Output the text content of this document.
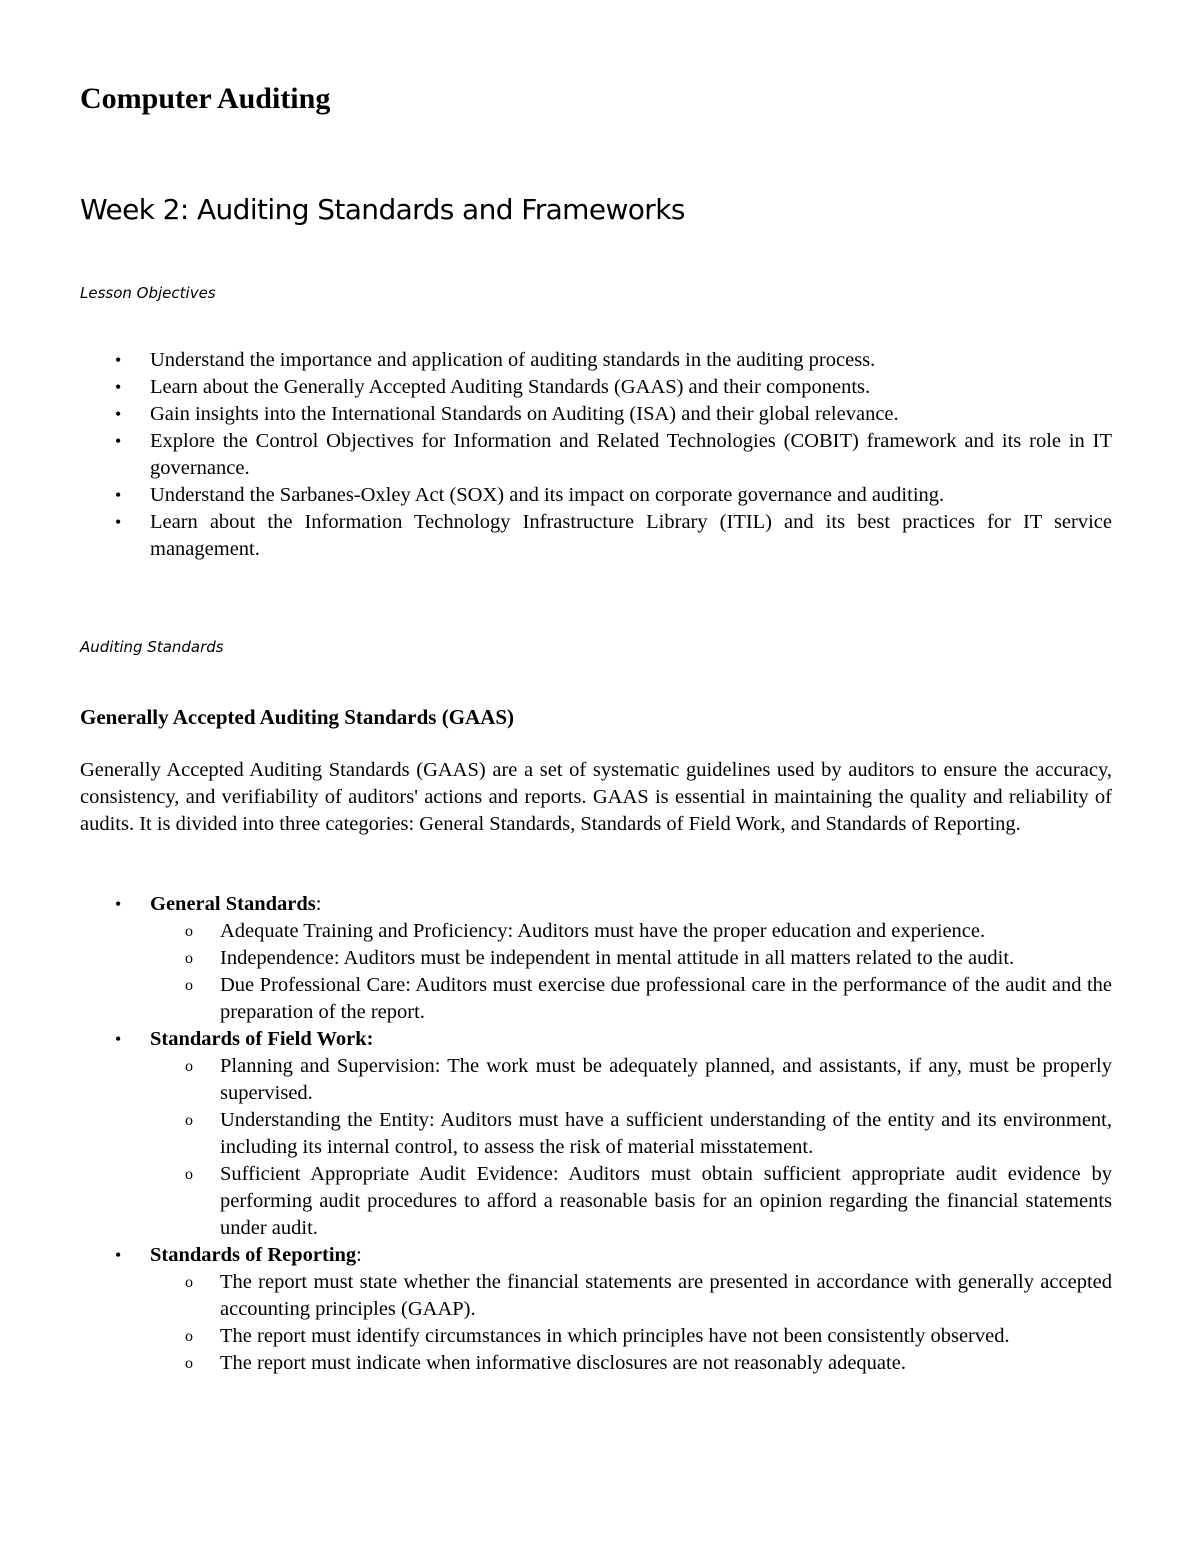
Computer Auditing
Week 2: Auditing Standards and Frameworks

Lesson Objectives

• Understand the importance and application of auditing standards in the auditing process.
• Learn about the Generally Accepted Auditing Standards (GAAS) and their components.
• Gain insights into the International Standards on Auditing (ISA) and their global relevance.
• Explore the Control Objectives for Information and Related Technologies (COBIT) framework and its role in IT governance.
• Understand the Sarbanes-Oxley Act (SOX) and its impact on corporate governance and auditing.
• Learn about the Information Technology Infrastructure Library (ITIL) and its best practices for IT service management.

Auditing Standards

Generally Accepted Auditing Standards (GAAS)

Generally Accepted Auditing Standards (GAAS) are a set of systematic guidelines used by auditors to ensure the accuracy, consistency, and verifiability of auditors' actions and reports. GAAS is essential in maintaining the quality and reliability of audits. It is divided into three categories: General Standards, Standards of Field Work, and Standards of Reporting.

• General Standards:
o Adequate Training and Proficiency: Auditors must have the proper education and experience.
o Independence: Auditors must be independent in mental attitude in all matters related to the audit.
o Due Professional Care: Auditors must exercise due professional care in the performance of the audit and the preparation of the report.
• Standards of Field Work:
o Planning and Supervision: The work must be adequately planned, and assistants, if any, must be properly supervised.
o Understanding the Entity: Auditors must have a sufficient understanding of the entity and its environment, including its internal control, to assess the risk of material misstatement.
o Sufficient Appropriate Audit Evidence: Auditors must obtain sufficient appropriate audit evidence by performing audit procedures to afford a reasonable basis for an opinion regarding the financial statements under audit.
• Standards of Reporting:
o The report must state whether the financial statements are presented in accordance with generally accepted accounting principles (GAAP).
o The report must identify circumstances in which principles have not been consistently observed.
o The report must indicate when informative disclosures are not reasonably adequate.
